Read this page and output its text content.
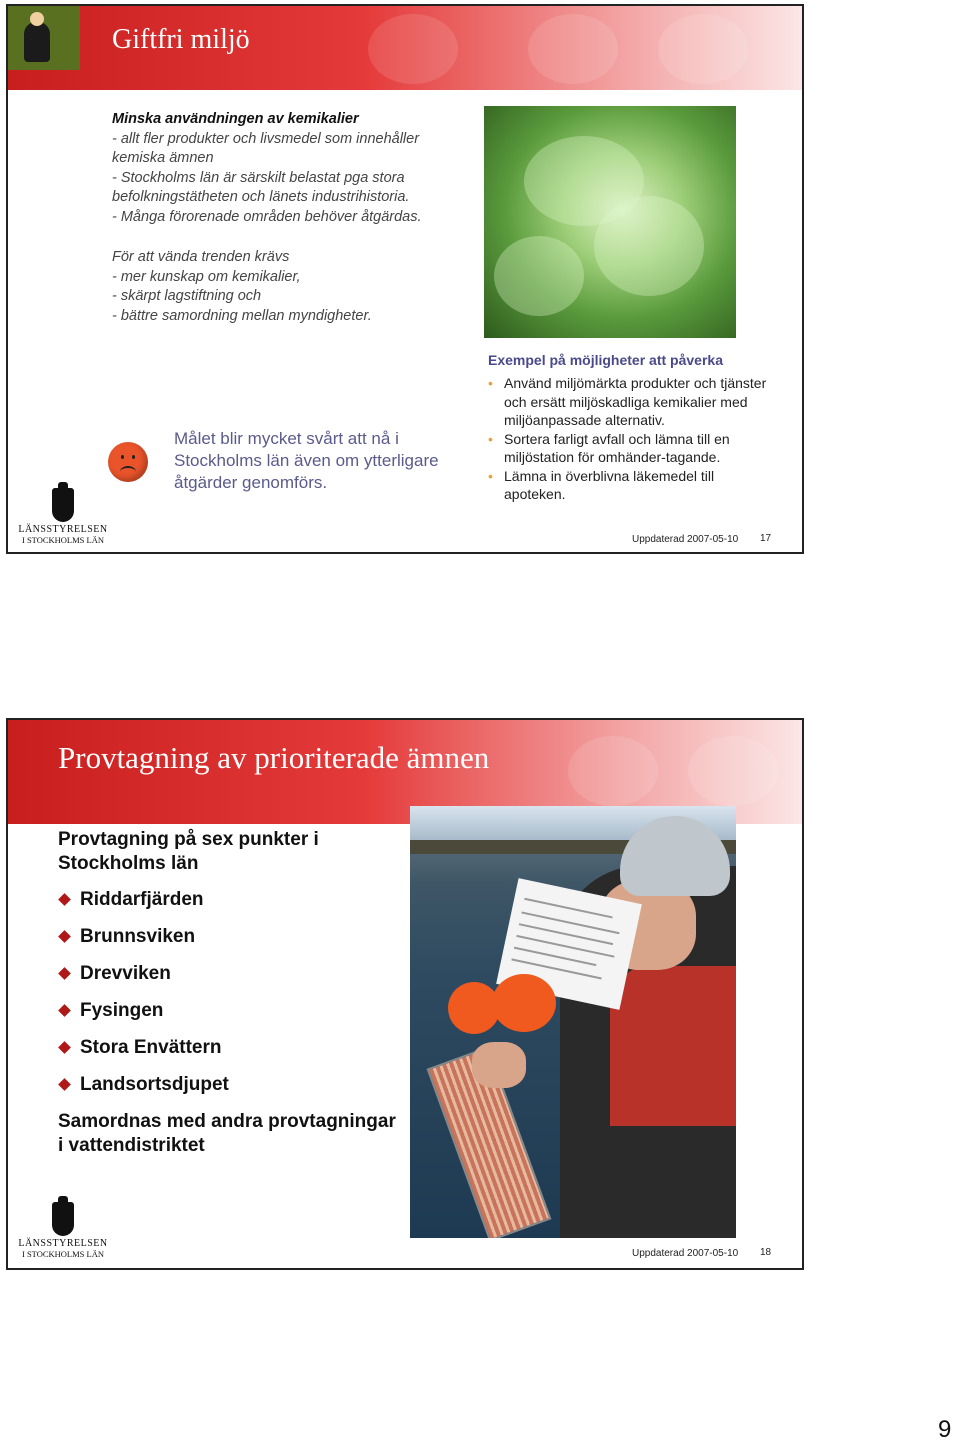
Giftfri miljö

Minska användningen av kemikalier

- allt fler produkter och livsmedel som innehåller

kemiska ämnen

- Stockholms län är särskilt belastat pga stora

befolkningstätheten och länets industrihistoria.

- Många förorenade områden behöver åtgärdas.

För att vända trenden krävs

- mer kunskap om kemikalier,

- skärpt lagstiftning och

- bättre samordning mellan myndigheter.

Målet blir mycket svårt att nå i Stockholms län även om ytterligare åtgärder genomförs.
Exempel på möjligheter att påverka
• Använd miljömärkta produkter och tjänster och ersätt miljöskadliga kemikalier med miljöanpassade alternativ.
• Sortera farligt avfall och lämna till en miljöstation för omhänder-tagande.
• Lämna in överblivna läkemedel till apoteken.
LÄNSSTYRELSEN
I STOCKHOLMS LÄN	Uppdaterad 2007-05-10 17
Provtagning av prioriterade ämnen

Provtagning på sex punkter i Stockholms län

Riddarfjärden
Brunnsviken
Drevviken
Fysingen
Stora Envättern
Landsortsdjupet

Samordnas med andra provtagningar i vattendistriktet

LÄNSSTYRELSEN
I STOCKHOLMS LÄN	Uppdaterad 2007-05-10 18
9
